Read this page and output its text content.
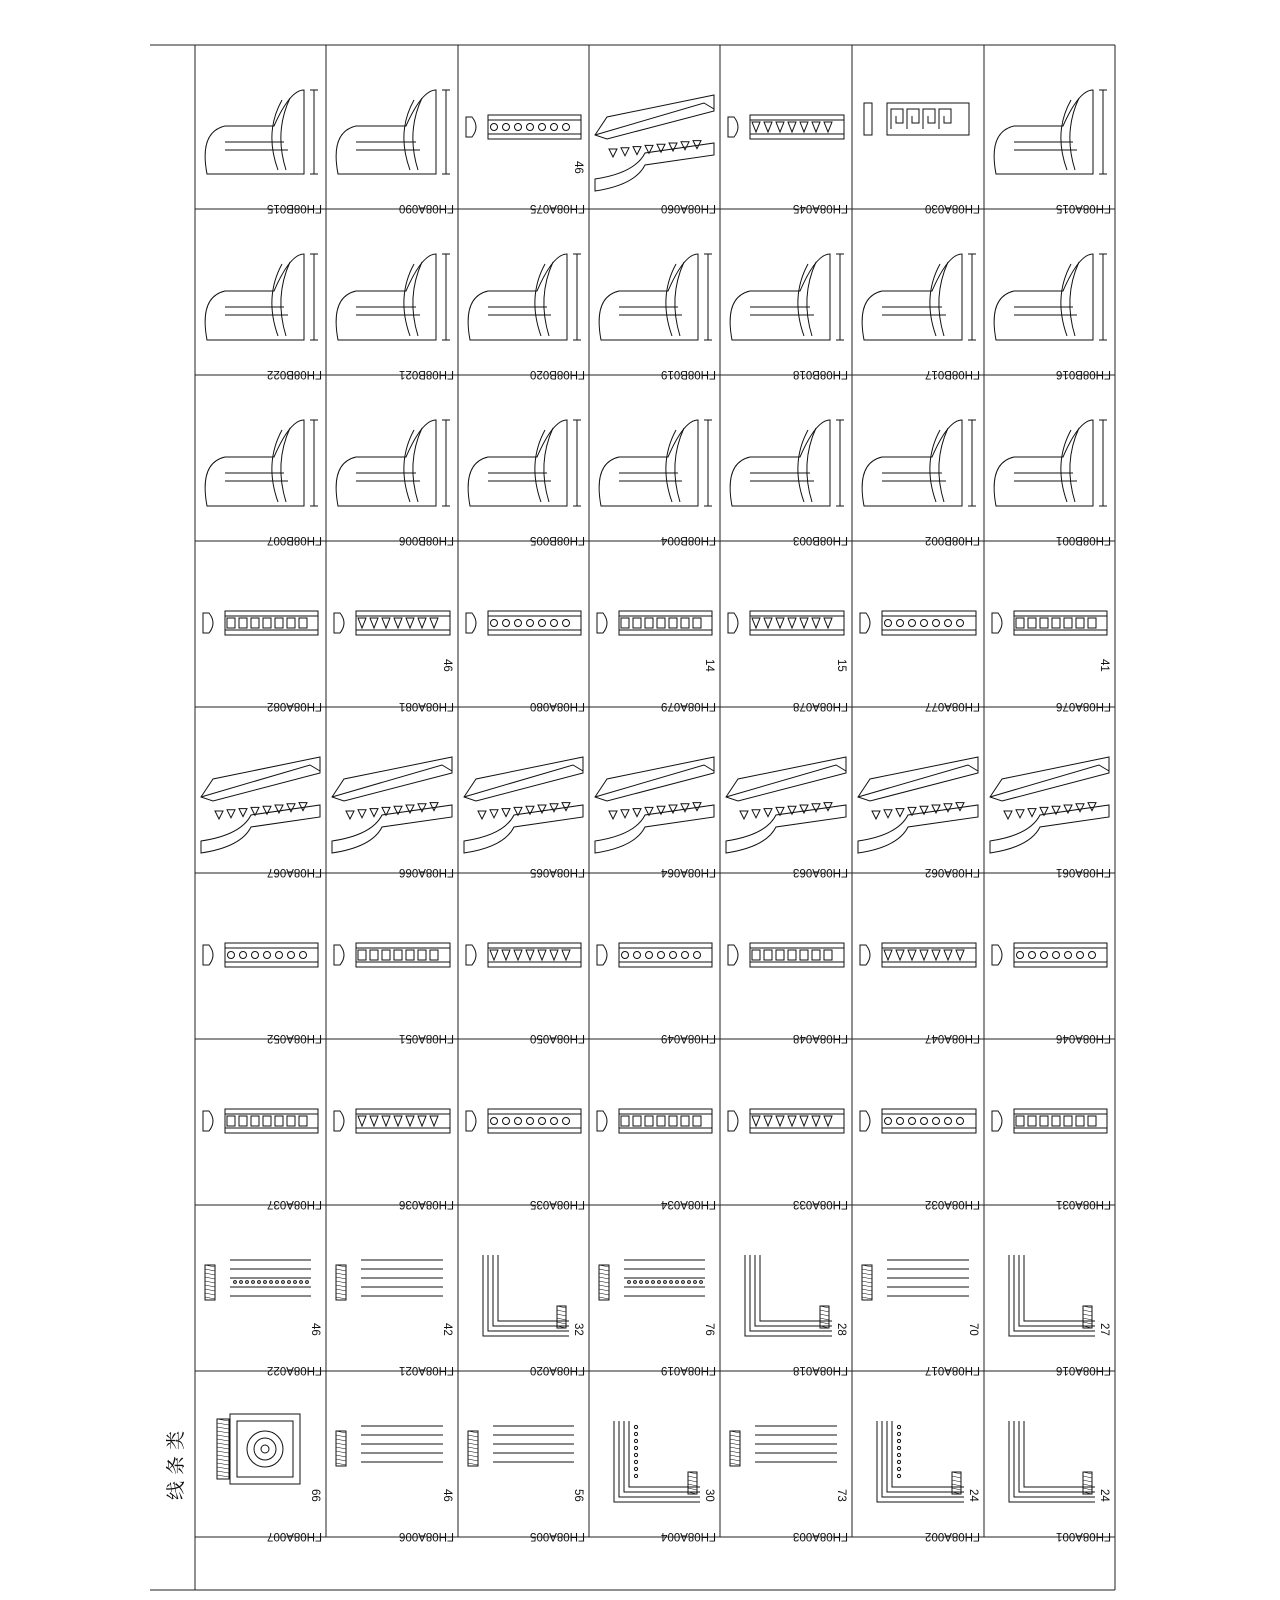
线 条 类
FH08A001
24
FH08A002
24
FH08A003
73
FH08A004
30
FH08A005
56
FH08A006
46
FH08A007
66
FH08A016
27
FH08A017
70
FH08A018
28
FH08A019
76
FH08A020
32
FH08A021
42
FH08A022
46
FH08A031
FH08A032
FH08A033
FH08A034
FH08A035
FH08A036
FH08A037
FH08A046
FH08A047
FH08A048
FH08A049
FH08A050
FH08A051
FH08A052
FH08A061
FH08A062
FH08A063
FH08A064
FH08A065
FH08A066
FH08A067
FH08A076
41
FH08A077
FH08A078
15
FH08A079
14
FH08A080
FH08A081
46
FH08A082
FH08B001
FH08B002
FH08B003
FH08B004
FH08B005
FH08B006
FH08B007
FH08B016
FH08B017
FH08B018
FH08B019
FH08B020
FH08B021
FH08B022
FH08A015
FH08A030
FH08A045
FH08A060
FH08A075
46
FH08A090
FH08B015
